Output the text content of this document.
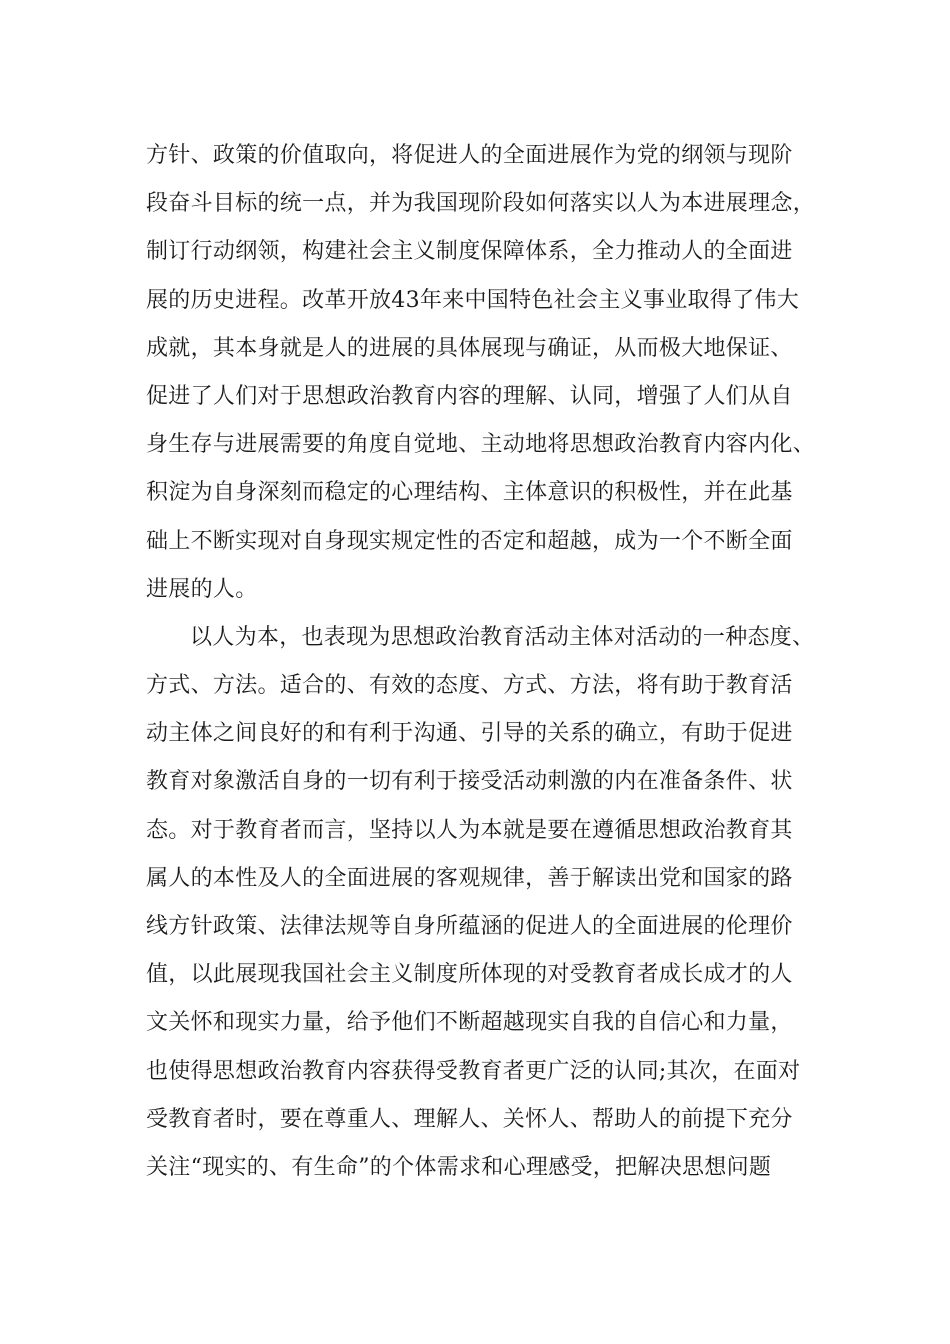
方针、政策的价值取向，将促进人的全面进展作为党的纲领与现阶
段奋斗目标的统一点，并为我国现阶段如何落实以人为本进展理念，
制订行动纲领，构建社会主义制度保障体系，全力推动人的全面进
展的历史进程。改革开放43年来中国特色社会主义事业取得了伟大
成就，其本身就是人的进展的具体展现与确证，从而极大地保证、
促进了人们对于思想政治教育内容的理解、认同，增强了人们从自
身生存与进展需要的角度自觉地、主动地将思想政治教育内容内化、
积淀为自身深刻而稳定的心理结构、主体意识的积极性，并在此基
础上不断实现对自身现实规定性的否定和超越，成为一个不断全面
进展的人。
以人为本，也表现为思想政治教育活动主体对活动的一种态度、
方式、方法。适合的、有效的态度、方式、方法，将有助于教育活
动主体之间良好的和有利于沟通、引导的关系的确立，有助于促进
教育对象激活自身的一切有利于接受活动刺激的内在准备条件、状
态。对于教育者而言，坚持以人为本就是要在遵循思想政治教育其
属人的本性及人的全面进展的客观规律，善于解读出党和国家的路
线方针政策、法律法规等自身所蕴涵的促进人的全面进展的伦理价
值，以此展现我国社会主义制度所体现的对受教育者成长成才的人
文关怀和现实力量，给予他们不断超越现实自我的自信心和力量，
也使得思想政治教育内容获得受教育者更广泛的认同;其次，在面对
受教育者时，要在尊重人、理解人、关怀人、帮助人的前提下充分
关注“现实的、有生命”的个体需求和心理感受，把解决思想问题
